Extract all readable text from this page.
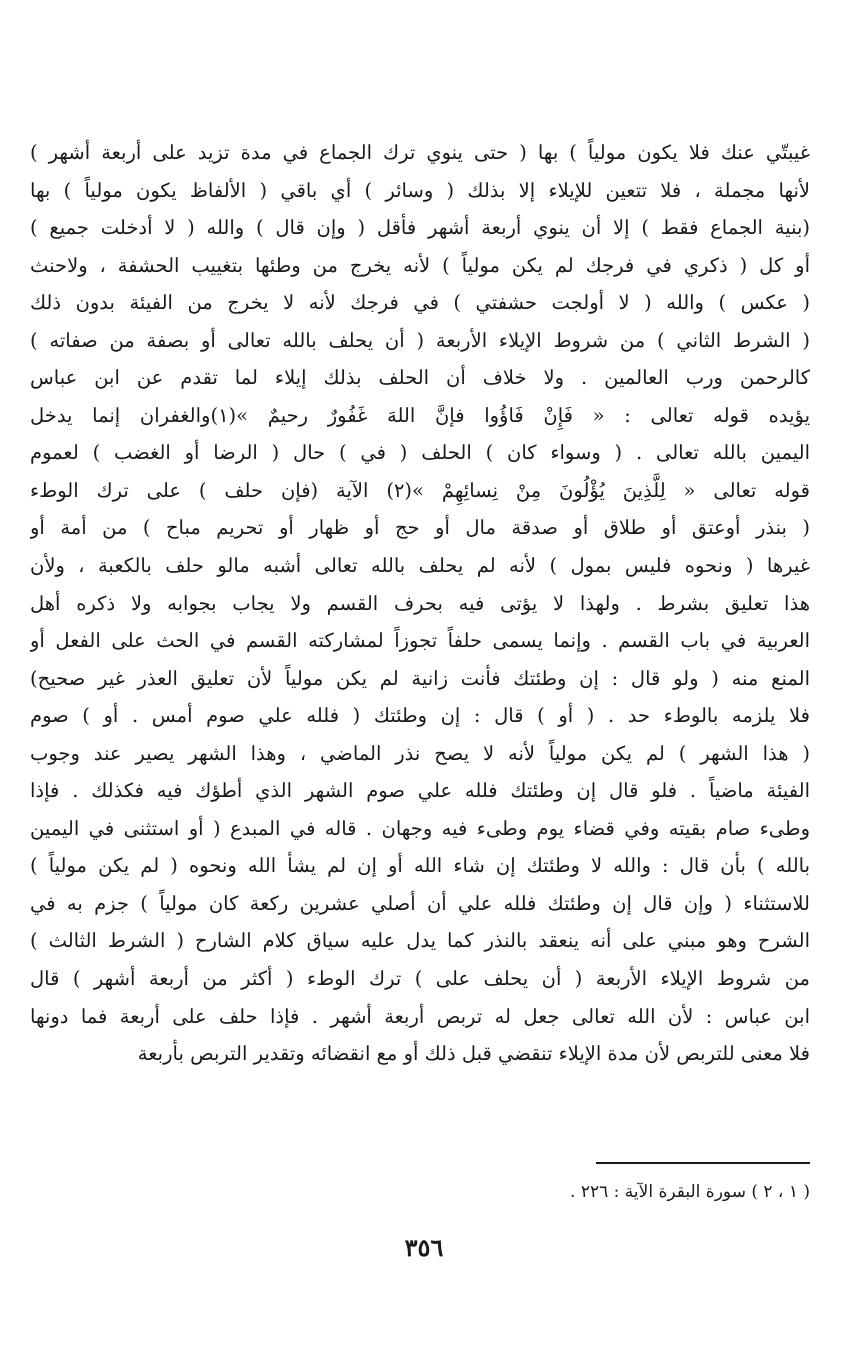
غيبتّي عنك فلا يكون مولياً ) بها ( حتى ينوي ترك الجماع في مدة تزيد على أربعة أشهر )
لأنها مجملة ، فلا تتعين للإيلاء إلا بذلك ( وسائر ) أي باقي ( الألفاظ يكون مولياً ) بها
(بنية الجماع فقط ) إلا أن ينوي أربعة أشهر فأقل ( وإن قال ) والله ( لا أدخلت جميع )
أو كل ( ذكري في فرجك لم يكن مولياً ) لأنه يخرج من وطئها بتغييب الحشفة ، ولاحنث
( عكس ) والله ( لا أولجت حشفتي ) في فرجك لأنه لا يخرج من الفيئة بدون ذلك
( الشرط الثاني ) من شروط الإيلاء الأربعة ( أن يحلف بالله تعالى أو بصفة من صفاته )
كالرحمن ورب العالمين . ولا خلاف أن الحلف بذلك إيلاء لما تقدم عن ابن عباس
يؤيده قوله تعالى : « فَإِنْ فَاؤُوا فإنَّ اللهَ غَفُورٌ رحيمٌ »(١)والغفران إنما يدخل
اليمين بالله تعالى . ( وسواء كان ) الحلف ( في ) حال ( الرضا أو الغضب ) لعموم
قوله تعالى « لِلَّذِينَ يُؤْلُونَ مِنْ نِسائِهِمْ »(٢) الآية (فإن حلف ) على ترك الوطء
( بنذر أوعتق أو طلاق أو صدقة مال أو حج أو ظهار أو تحريم مباح ) من أمة أو
غيرها ( ونحوه فليس بمول ) لأنه لم يحلف بالله تعالى أشبه مالو حلف بالكعبة ، ولأن
هذا تعليق بشرط . ولهذا لا يؤتى فيه بحرف القسم ولا يجاب بجوابه ولا ذكره أهل
العربية في باب القسم . وإنما يسمى حلفاً تجوزاً لمشاركته القسم في الحث على الفعل أو
المنع منه ( ولو قال : إن وطئتك فأنت زانية لم يكن مولياً لأن تعليق العذر غير صحيح)
فلا يلزمه بالوطء حد . ( أو ) قال : إن وطئتك ( فلله علي صوم أمس . أو ) صوم
( هذا الشهر ) لم يكن مولياً لأنه لا يصح نذر الماضي ، وهذا الشهر يصير عند وجوب
الفيئة ماضياً . فلو قال إن وطئتك فلله علي صوم الشهر الذي أطؤك فيه فكذلك . فإذا
وطىء صام بقيته وفي قضاء يوم وطىء فيه وجهان . قاله في المبدع ( أو استثنى في اليمين
بالله ) بأن قال : والله لا وطئتك إن شاء الله أو إن لم يشأ الله ونحوه ( لم يكن مولياً )
للاستثناء ( وإن قال إن وطئتك فلله علي أن أصلي عشرين ركعة كان مولياً ) جزم به في
الشرح وهو مبني على أنه ينعقد بالنذر كما يدل عليه سياق كلام الشارح ( الشرط الثالث )
من شروط الإيلاء الأربعة ( أن يحلف على ) ترك الوطء ( أكثر من أربعة أشهر ) قال
ابن عباس : لأن الله تعالى جعل له تربص أربعة أشهر . فإذا حلف على أربعة فما دونها
فلا معنى للتربص لأن مدة الإيلاء تنقضي قبل ذلك أو مع انقضائه وتقدير التربص بأربعة
( ١ ، ٢ ) سورة البقرة الآية : ٢٢٦ .
٣٥٦
